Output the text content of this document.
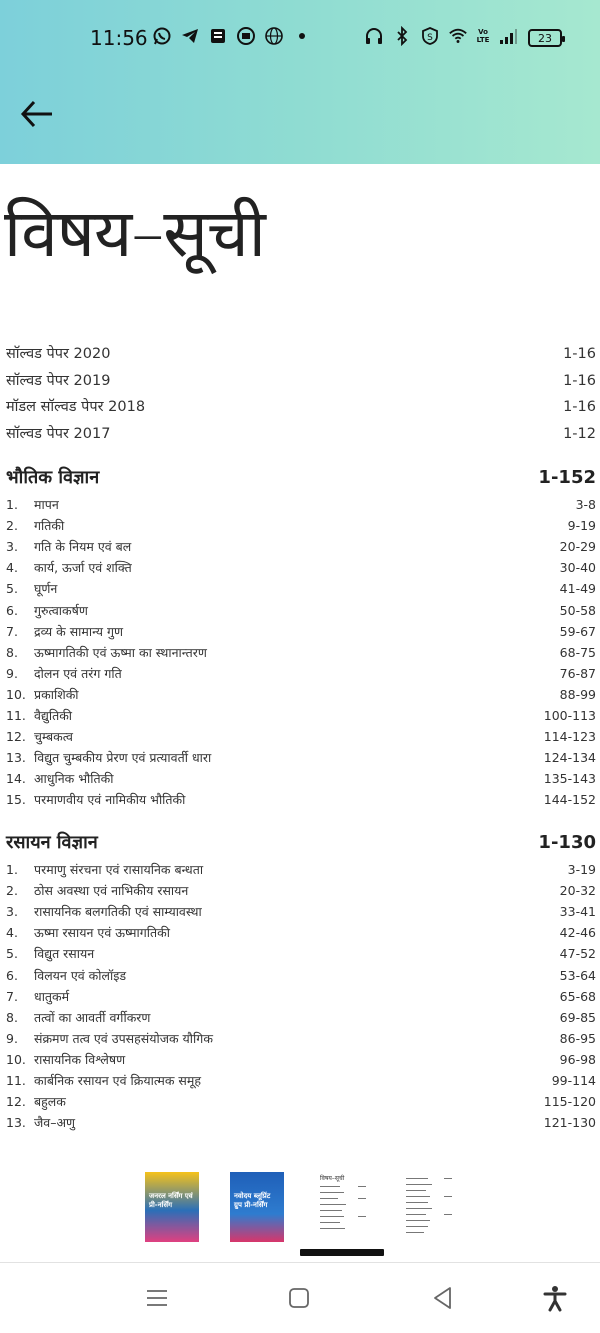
11:56	S
Vo LTE	23
विषय–सूची
सॉल्वड पेपर 2020	1-16
सॉल्वड पेपर 2019	1-16
मॉडल सॉल्वड पेपर 2018	1-16
सॉल्वड पेपर 2017	1-12
भौतिक विज्ञान	1-152
1. मापन	3-8
2. गतिकी	9-19
3. गति के नियम एवं बल	20-29
4. कार्य, ऊर्जा एवं शक्ति	30-40
5. घूर्णन	41-49
6. गुरुत्वाकर्षण	50-58
7. द्रव्य के सामान्य गुण	59-67
8. ऊष्मागतिकी एवं ऊष्मा का स्थानान्तरण	68-75
9. दोलन एवं तरंग गति	76-87
10. प्रकाशिकी	88-99
11. वैद्युतिकी	100-113
12. चुम्बकत्व	114-123
13. विद्युत चुम्बकीय प्रेरण एवं प्रत्यावर्ती धारा	124-134
14. आधुनिक भौतिकी	135-143
15. परमाणवीय एवं नामिकीय भौतिकी	144-152
रसायन विज्ञान	1-130
1. परमाणु संरचना एवं रासायनिक बन्धता	3-19
2. ठोस अवस्था एवं नाभिकीय रसायन	20-32
3. रासायनिक बलगतिकी एवं साम्यावस्था	33-41
4. ऊष्मा रसायन एवं ऊष्मागतिकी	42-46
5. विद्युत रसायन	47-52
6. विलयन एवं कोलॉइड	53-64
7. धातुकर्म	65-68
8. तत्वों का आवर्ती वर्गीकरण	69-85
9. संक्रमण तत्व एवं उपसहसंयोजक यौगिक	86-95
10. रासायनिक विश्लेषण	96-98
11. कार्बनिक रसायन एवं क्रियात्मक समूह	99-114
12. बहुलक	115-120
13. जैव–अणु	121-130
जनरल नर्सिंग एवं प्री-नर्सिंग
नवोदय ब्लूप्रिंट ग्रुप प्री-नर्सिंग
विषय–सूची
